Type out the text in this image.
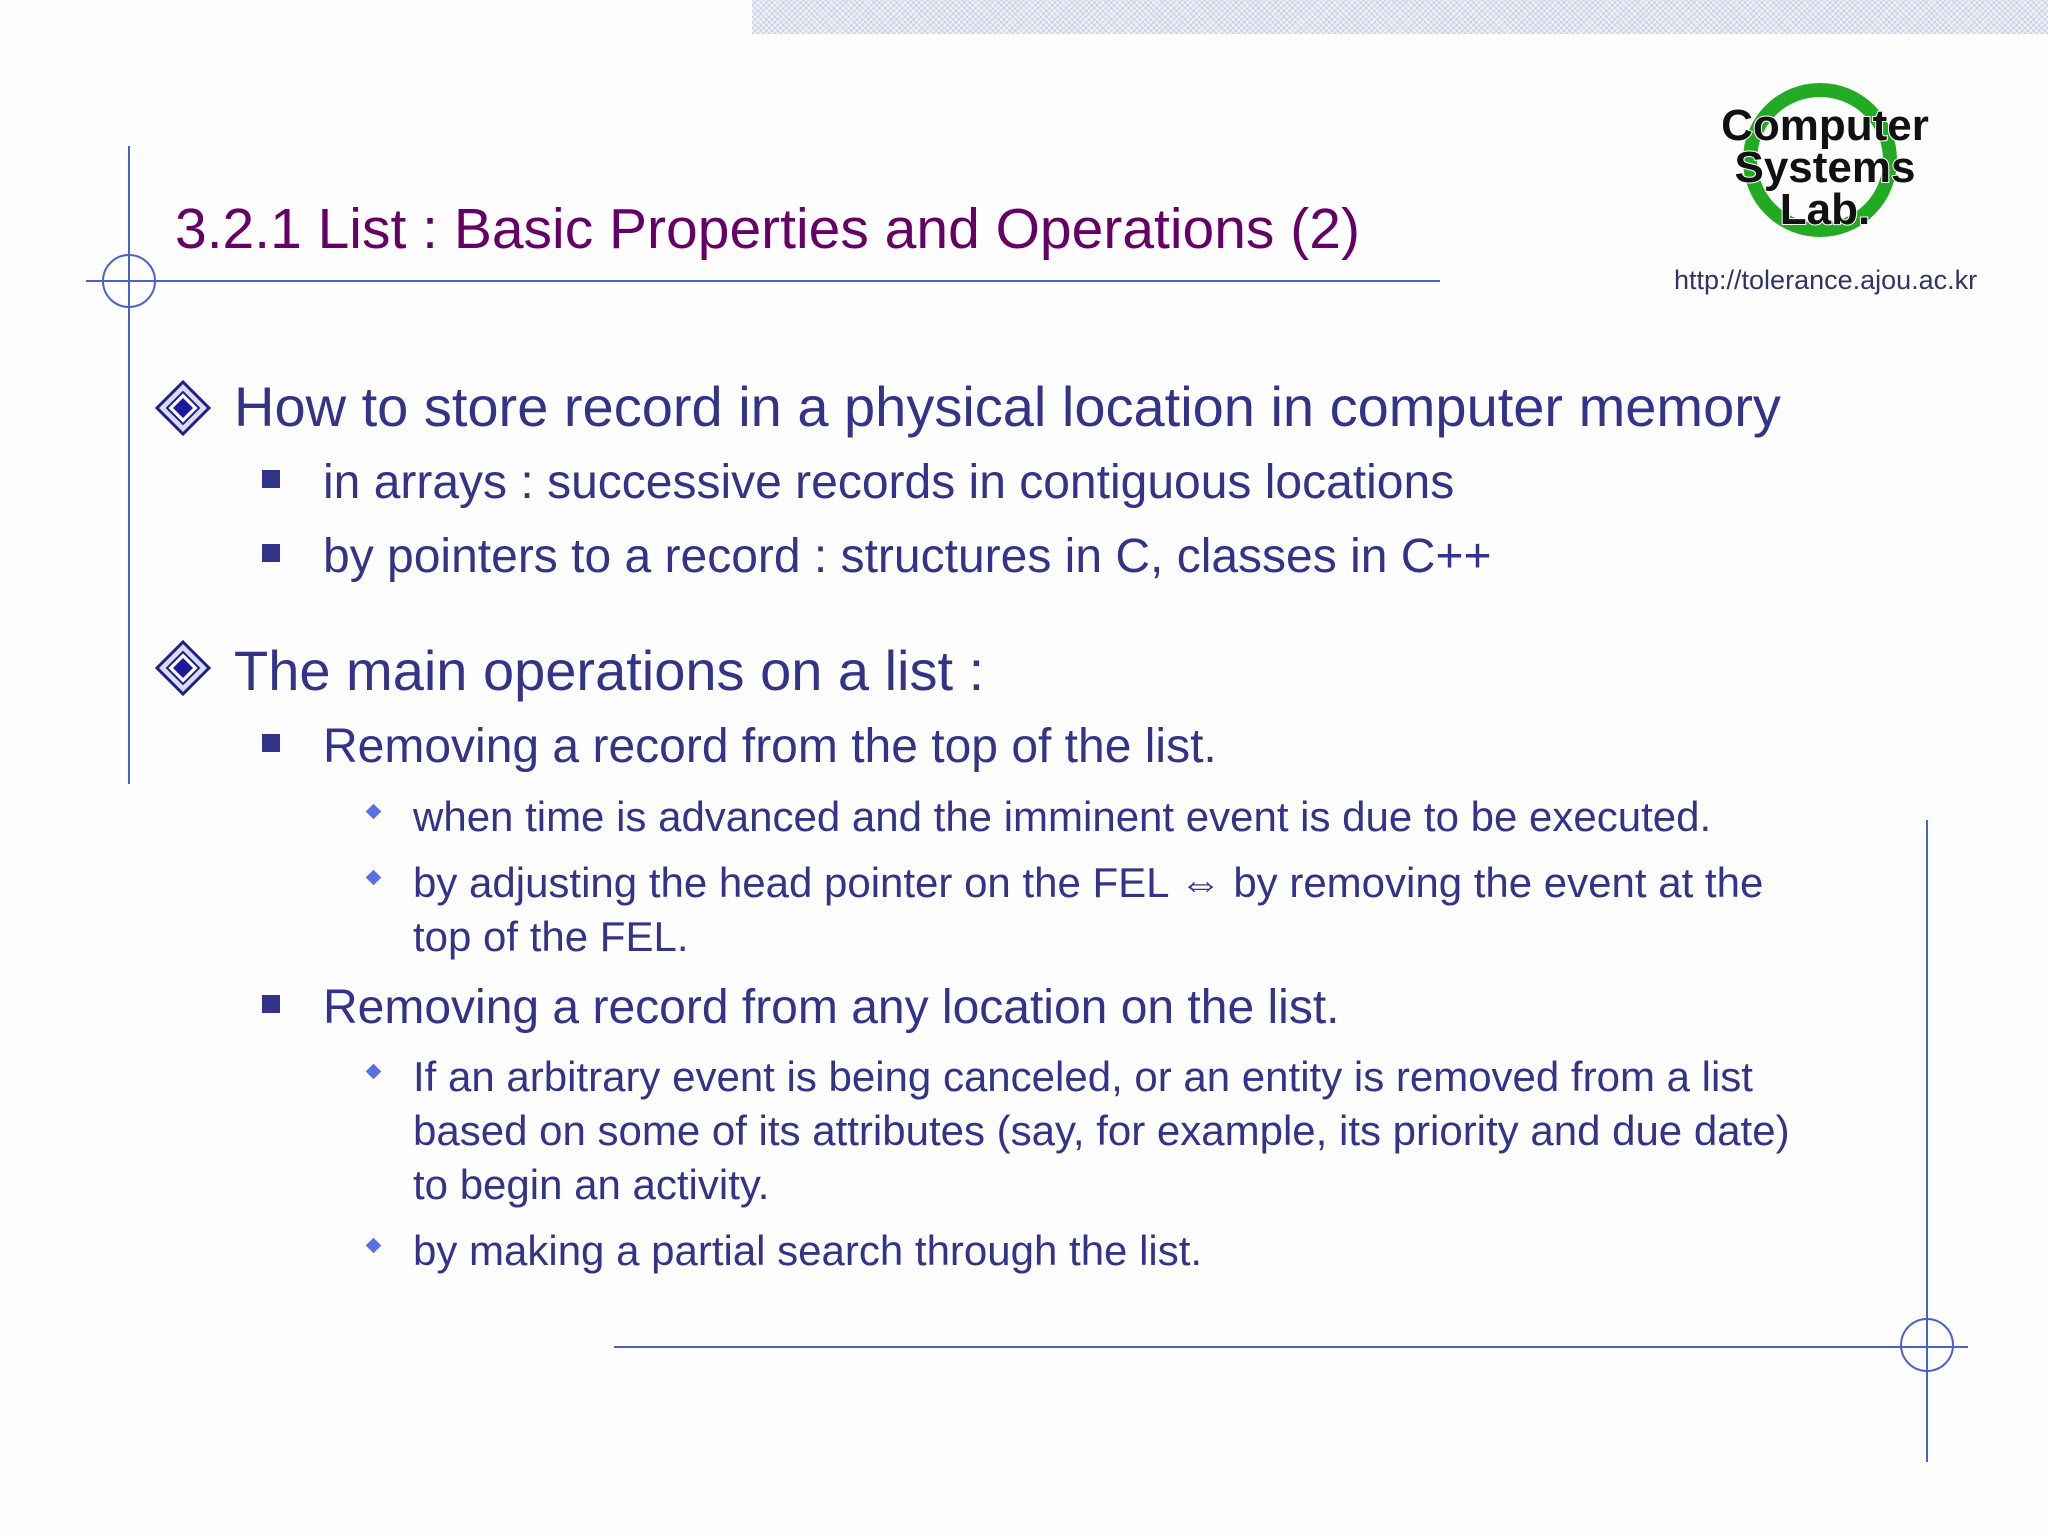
3.2.1 List : Basic Properties and Operations (2)
Computer
Systems
Lab.
http://tolerance.ajou.ac.kr
How to store record in a physical location in computer memory
in arrays : successive records in contiguous locations
by pointers to a record : structures in C, classes in C++
The main operations on a list :
Removing a record from the top of the list.
when time is advanced and the imminent event is due to be executed.
by adjusting the head pointer on the FEL ⇔ by removing the event at the
top of the FEL.
Removing a record from any location on the list.
If an arbitrary event is being canceled, or an entity is removed from a list
based on some of its attributes (say, for example, its priority and due date)
to begin an activity.
by making a partial search through the list.
